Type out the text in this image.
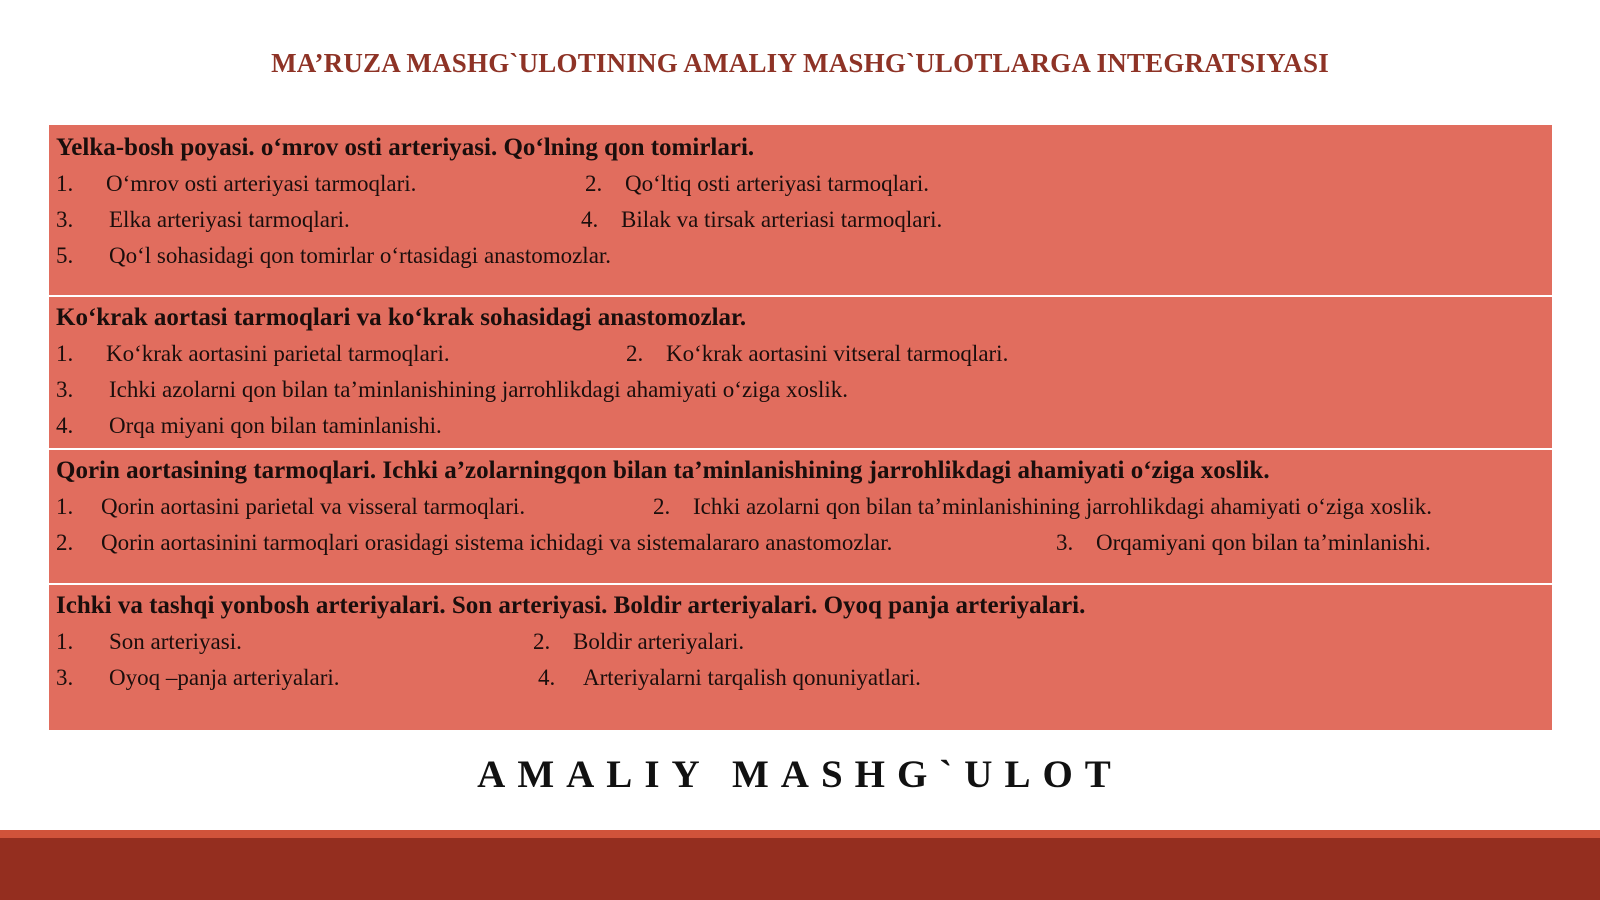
MA’RUZA MASHG`ULOTINING AMALIY MASHG`ULOTLARGA INTEGRATSIYASI
Yelka-bosh poyasi. o‘mrov osti arteriyasi. Qo‘lning qon tomirlari.
1. O‘mrov osti arteriyasi tarmoqlari.	2. Qo‘ltiq osti arteriyasi tarmoqlari.
3. Elka arteriyasi tarmoqlari.	4. Bilak va tirsak arteriasi tarmoqlari.
5. Qo‘l sohasidagi qon tomirlar o‘rtasidagi anastomozlar.
Ko‘krak aortasi tarmoqlari va ko‘krak sohasidagi anastomozlar.
1. Ko‘krak aortasini parietal tarmoqlari.	2. Ko‘krak aortasini vitseral tarmoqlari.
3. Ichki azolarni qon bilan ta’minlanishining jarrohlikdagi ahamiyati o‘ziga xoslik.
4. Orqa miyani qon bilan taminlanishi.
Qorin aortasining tarmoqlari. Ichki a’zolarningqon bilan ta’minlanishining jarrohlikdagi ahamiyati o‘ziga xoslik.
1. Qorin aortasini parietal va visseral tarmoqlari.	2. Ichki azolarni qon bilan ta’minlanishining jarrohlikdagi ahamiyati o‘ziga xoslik.
2. Qorin aortasinini tarmoqlari orasidagi sistema ichidagi va sistemalararo anastomozlar.	3. Orqamiyani qon bilan ta’minlanishi.
Ichki va tashqi yonbosh arteriyalari. Son arteriyasi. Boldir arteriyalari. Oyoq panja arteriyalari.
1. Son arteriyasi.	2. Boldir arteriyalari.
3. Oyoq –panja arteriyalari.	4. Arteriyalarni tarqalish qonuniyatlari.
AMALIY MASHG`ULOT
